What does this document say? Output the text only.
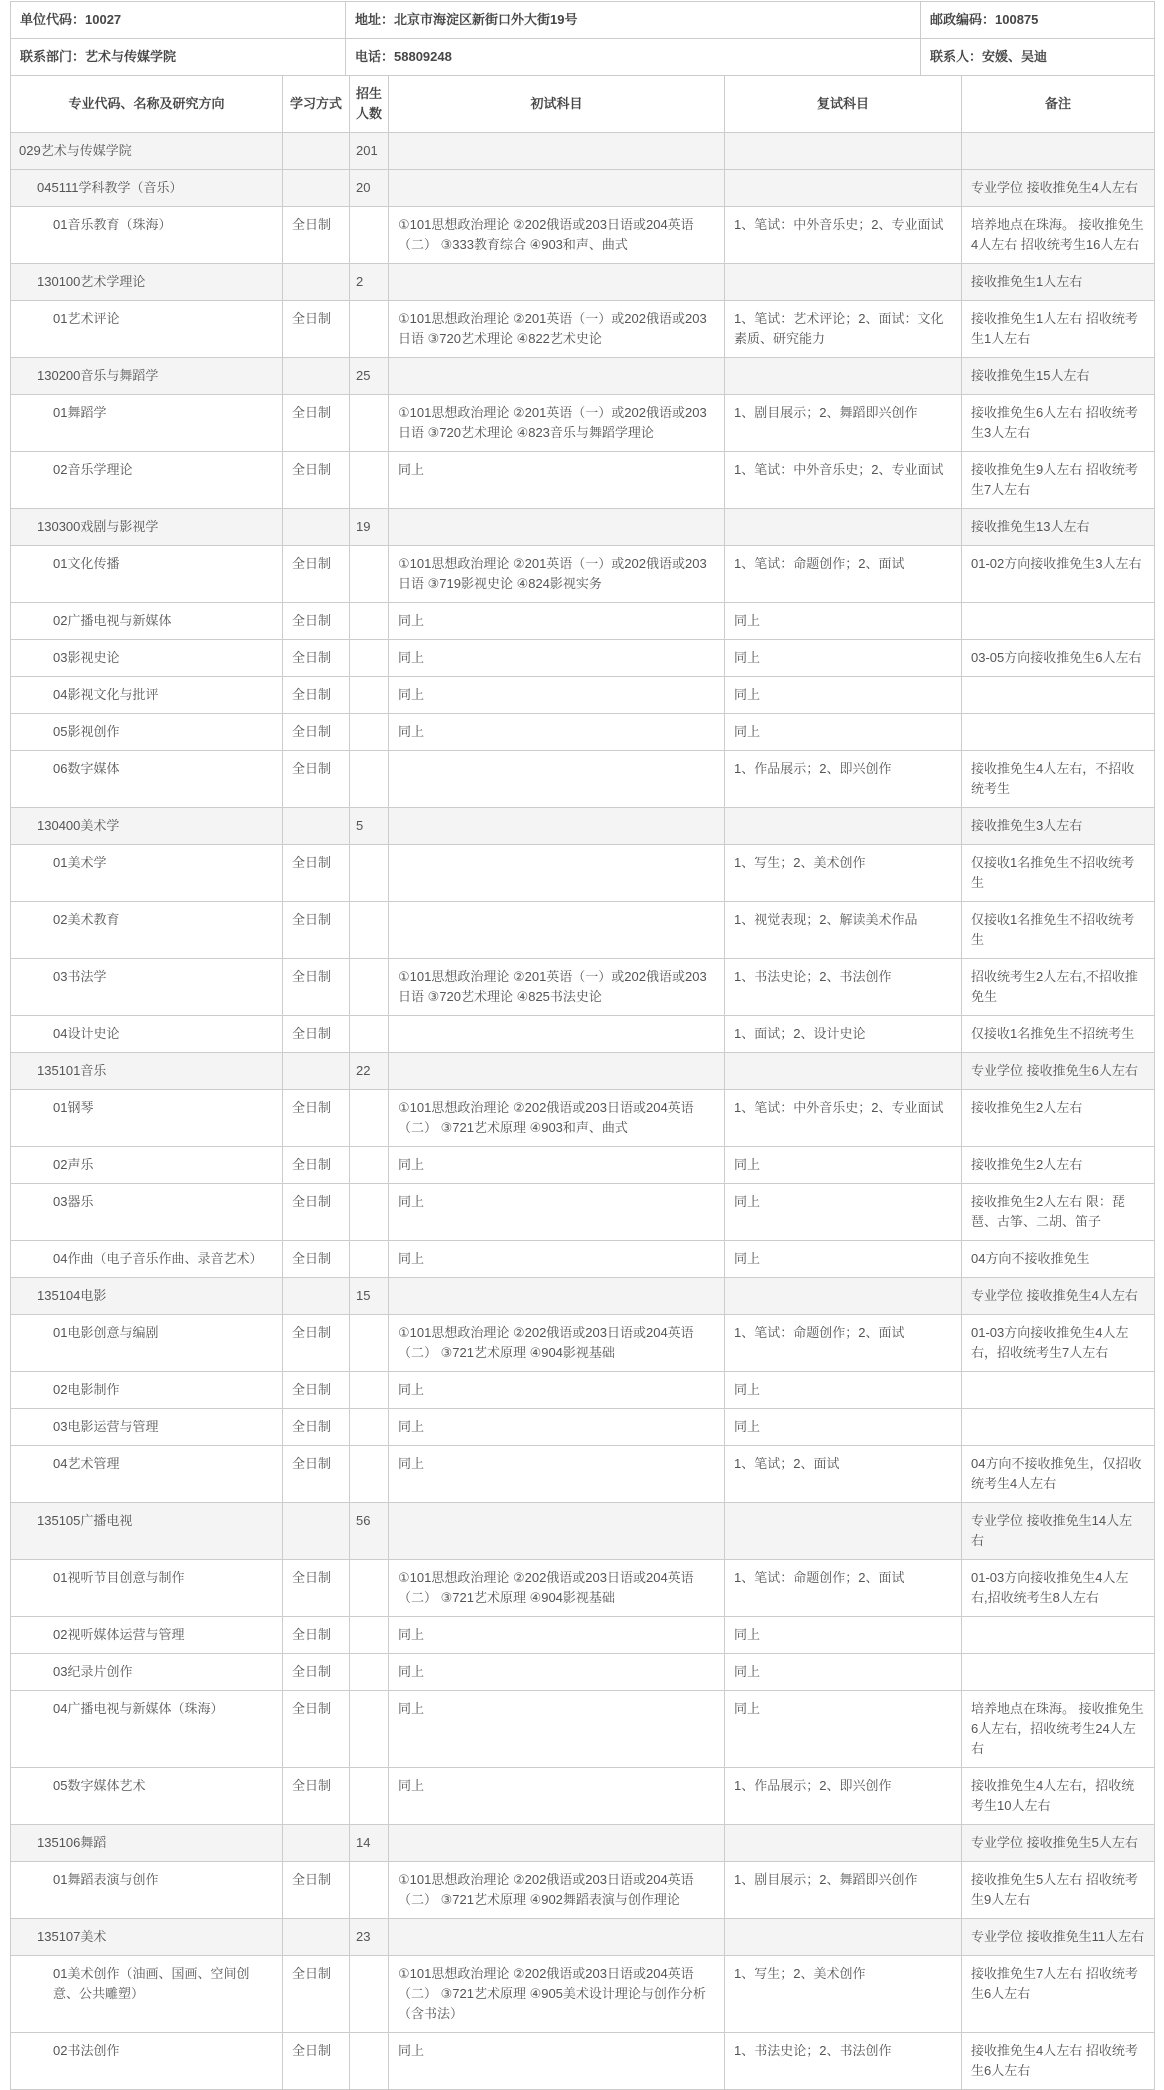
单位代码：10027	地址：北京市海淀区新街口外大街19号	邮政编码：100875
联系部门：艺术与传媒学院	电话：58809248	联系人：安媛、吴迪
专业代码、名称及研究方向	学习方式	招生人数	初试科目	复试科目	备注
029艺术与传媒学院		201			
045111学科教学（音乐）		20			专业学位 接收推免生4人左右
01音乐教育（珠海）	全日制		①101思想政治理论 ②202俄语或203日语或204英语（二） ③333教育综合 ④903和声、曲式	1、笔试：中外音乐史；2、专业面试	培养地点在珠海。 接收推免生4人左右 招收统考生16人左右
130100艺术学理论		2			接收推免生1人左右
01艺术评论	全日制		①101思想政治理论 ②201英语（一）或202俄语或203日语 ③720艺术理论 ④822艺术史论	1、笔试：艺术评论；2、面试：文化素质、研究能力	接收推免生1人左右 招收统考生1人左右
130200音乐与舞蹈学		25			接收推免生15人左右
01舞蹈学	全日制		①101思想政治理论 ②201英语（一）或202俄语或203日语 ③720艺术理论 ④823音乐与舞蹈学理论	1、剧目展示；2、舞蹈即兴创作	接收推免生6人左右 招收统考生3人左右
02音乐学理论	全日制		同上	1、笔试：中外音乐史；2、专业面试	接收推免生9人左右 招收统考生7人左右
130300戏剧与影视学		19			接收推免生13人左右
01文化传播	全日制		①101思想政治理论 ②201英语（一）或202俄语或203日语 ③719影视史论 ④824影视实务	1、笔试：命题创作；2、面试	01-02方向接收推免生3人左右
02广播电视与新媒体	全日制		同上	同上	
03影视史论	全日制		同上	同上	03-05方向接收推免生6人左右
04影视文化与批评	全日制		同上	同上	
05影视创作	全日制		同上	同上	
06数字媒体	全日制			1、作品展示；2、即兴创作	接收推免生4人左右，不招收统考生
130400美术学		5			接收推免生3人左右
01美术学	全日制			1、写生；2、美术创作	仅接收1名推免生不招收统考生
02美术教育	全日制			1、视觉表现；2、解读美术作品	仅接收1名推免生不招收统考生
03书法学	全日制		①101思想政治理论 ②201英语（一）或202俄语或203日语 ③720艺术理论 ④825书法史论	1、书法史论；2、书法创作	招收统考生2人左右,不招收推免生
04设计史论	全日制			1、面试；2、设计史论	仅接收1名推免生不招统考生
135101音乐		22			专业学位 接收推免生6人左右
01钢琴	全日制		①101思想政治理论 ②202俄语或203日语或204英语（二） ③721艺术原理 ④903和声、曲式	1、笔试：中外音乐史；2、专业面试	接收推免生2人左右
02声乐	全日制		同上	同上	接收推免生2人左右
03器乐	全日制		同上	同上	接收推免生2人左右 限：琵琶、古筝、二胡、笛子
04作曲（电子音乐作曲、录音艺术）	全日制		同上	同上	04方向不接收推免生
135104电影		15			专业学位 接收推免生4人左右
01电影创意与编剧	全日制		①101思想政治理论 ②202俄语或203日语或204英语（二） ③721艺术原理 ④904影视基础	1、笔试：命题创作；2、面试	01-03方向接收推免生4人左右，招收统考生7人左右
02电影制作	全日制		同上	同上	
03电影运营与管理	全日制		同上	同上	
04艺术管理	全日制		同上	1、笔试；2、面试	04方向不接收推免生，仅招收统考生4人左右
135105广播电视		56			专业学位 接收推免生14人左右
01视听节目创意与制作	全日制		①101思想政治理论 ②202俄语或203日语或204英语（二） ③721艺术原理 ④904影视基础	1、笔试：命题创作；2、面试	01-03方向接收推免生4人左右,招收统考生8人左右
02视听媒体运营与管理	全日制		同上	同上	
03纪录片创作	全日制		同上	同上	
04广播电视与新媒体（珠海）	全日制		同上	同上	培养地点在珠海。 接收推免生6人左右，招收统考生24人左右
05数字媒体艺术	全日制		同上	1、作品展示；2、即兴创作	接收推免生4人左右，招收统考生10人左右
135106舞蹈		14			专业学位 接收推免生5人左右
01舞蹈表演与创作	全日制		①101思想政治理论 ②202俄语或203日语或204英语（二） ③721艺术原理 ④902舞蹈表演与创作理论	1、剧目展示；2、舞蹈即兴创作	接收推免生5人左右 招收统考生9人左右
135107美术		23			专业学位 接收推免生11人左右
01美术创作（油画、国画、空间创意、公共雕塑）	全日制		①101思想政治理论 ②202俄语或203日语或204英语（二） ③721艺术原理 ④905美术设计理论与创作分析（含书法）	1、写生；2、美术创作	接收推免生7人左右 招收统考生6人左右
02书法创作	全日制		同上	1、书法史论；2、书法创作	接收推免生4人左右 招收统考生6人左右
